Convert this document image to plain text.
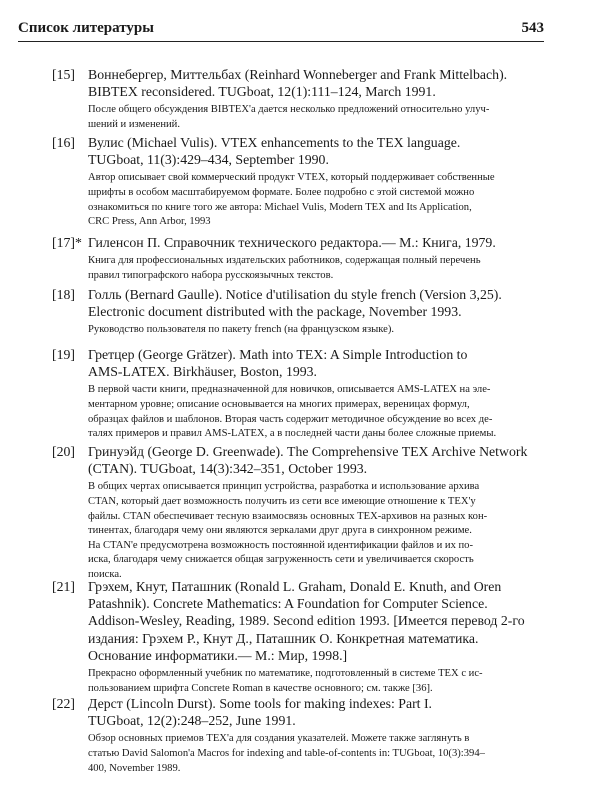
Список литературы	543
[15] Воннебергер, Миттельбах (Reinhard Wonneberger and Frank Mittelbach).
BIBTEX reconsidered. TUGboat, 12(1):111–124, March 1991.
После общего обсуждения BIBTEX'а дается несколько предложений относительно улуч-
шений и изменений.
[16] Вулис (Michael Vulis). VTEX enhancements to the TEX language.
TUGboat, 11(3):429–434, September 1990.
Автор описывает свой коммерческий продукт VTEX, который поддерживает собственные
шрифты в особом масштабируемом формате. Более подробно с этой системой можно
ознакомиться по книге того же автора: Michael Vulis, Modern TEX and Its Application,
CRC Press, Ann Arbor, 1993
[17]* Гиленсон П. Справочник технического редактора.— М.: Книга, 1979.
Книга для профессиональных издательских работников, содержащая полный перечень
правил типографского набора русскоязычных текстов.
[18] Голль (Bernard Gaulle). Notice d'utilisation du style french (Version 3,25).
Electronic document distributed with the package, November 1993.
Руководство пользователя по пакету french (на французском языке).
[19] Гретцер (George Grätzer). Math into TEX: A Simple Introduction to
AMS-LATEX. Birkhäuser, Boston, 1993.
В первой части книги, предназначенной для новичков, описывается AMS-LATEX на эле-
ментарном уровне; описание основывается на многих примерах, вереницах формул,
образцах файлов и шаблонов. Вторая часть содержит методичное обсуждение во всех де-
талях примеров и правил AMS-LATEX, а в последней части даны более сложные приемы.
[20] Гринуэйд (George D. Greenwade). The Comprehensive TEX Archive Network
(CTAN). TUGboat, 14(3):342–351, October 1993.
В общих чертах описывается принцип устройства, разработка и использование архива
CTAN, который дает возможность получить из сети все имеющие отношение к TEX'у
файлы. CTAN обеспечивает тесную взаимосвязь основных TEX-архивов на разных кон-
тинентах, благодаря чему они являются зеркалами друг друга в синхронном режиме.
На CTAN'е предусмотрена возможность постоянной идентификации файлов и их по-
иска, благодаря чему снижается общая загруженность сети и увеличивается скорость
поиска.
[21] Грэхем, Кнут, Паташник (Ronald L. Graham, Donald E. Knuth, and Oren
Patashnik). Concrete Mathematics: A Foundation for Computer Science.
Addison-Wesley, Reading, 1989. Second edition 1993. [Имеется перевод 2-го
издания: Грэхем Р., Кнут Д., Паташник О. Конкретная математика.
Основание информатики.— М.: Мир, 1998.]
Прекрасно оформленный учебник по математике, подготовленный в системе TEX с ис-
пользованием шрифта Concrete Roman в качестве основного; см. также [36].
[22] Дерст (Lincoln Durst). Some tools for making indexes: Part I.
TUGboat, 12(2):248–252, June 1991.
Обзор основных приемов TEX'а для создания указателей. Можете также заглянуть в
статью David Salomon'a Macros for indexing and table-of-contents in: TUGboat, 10(3):394–
400, November 1989.
